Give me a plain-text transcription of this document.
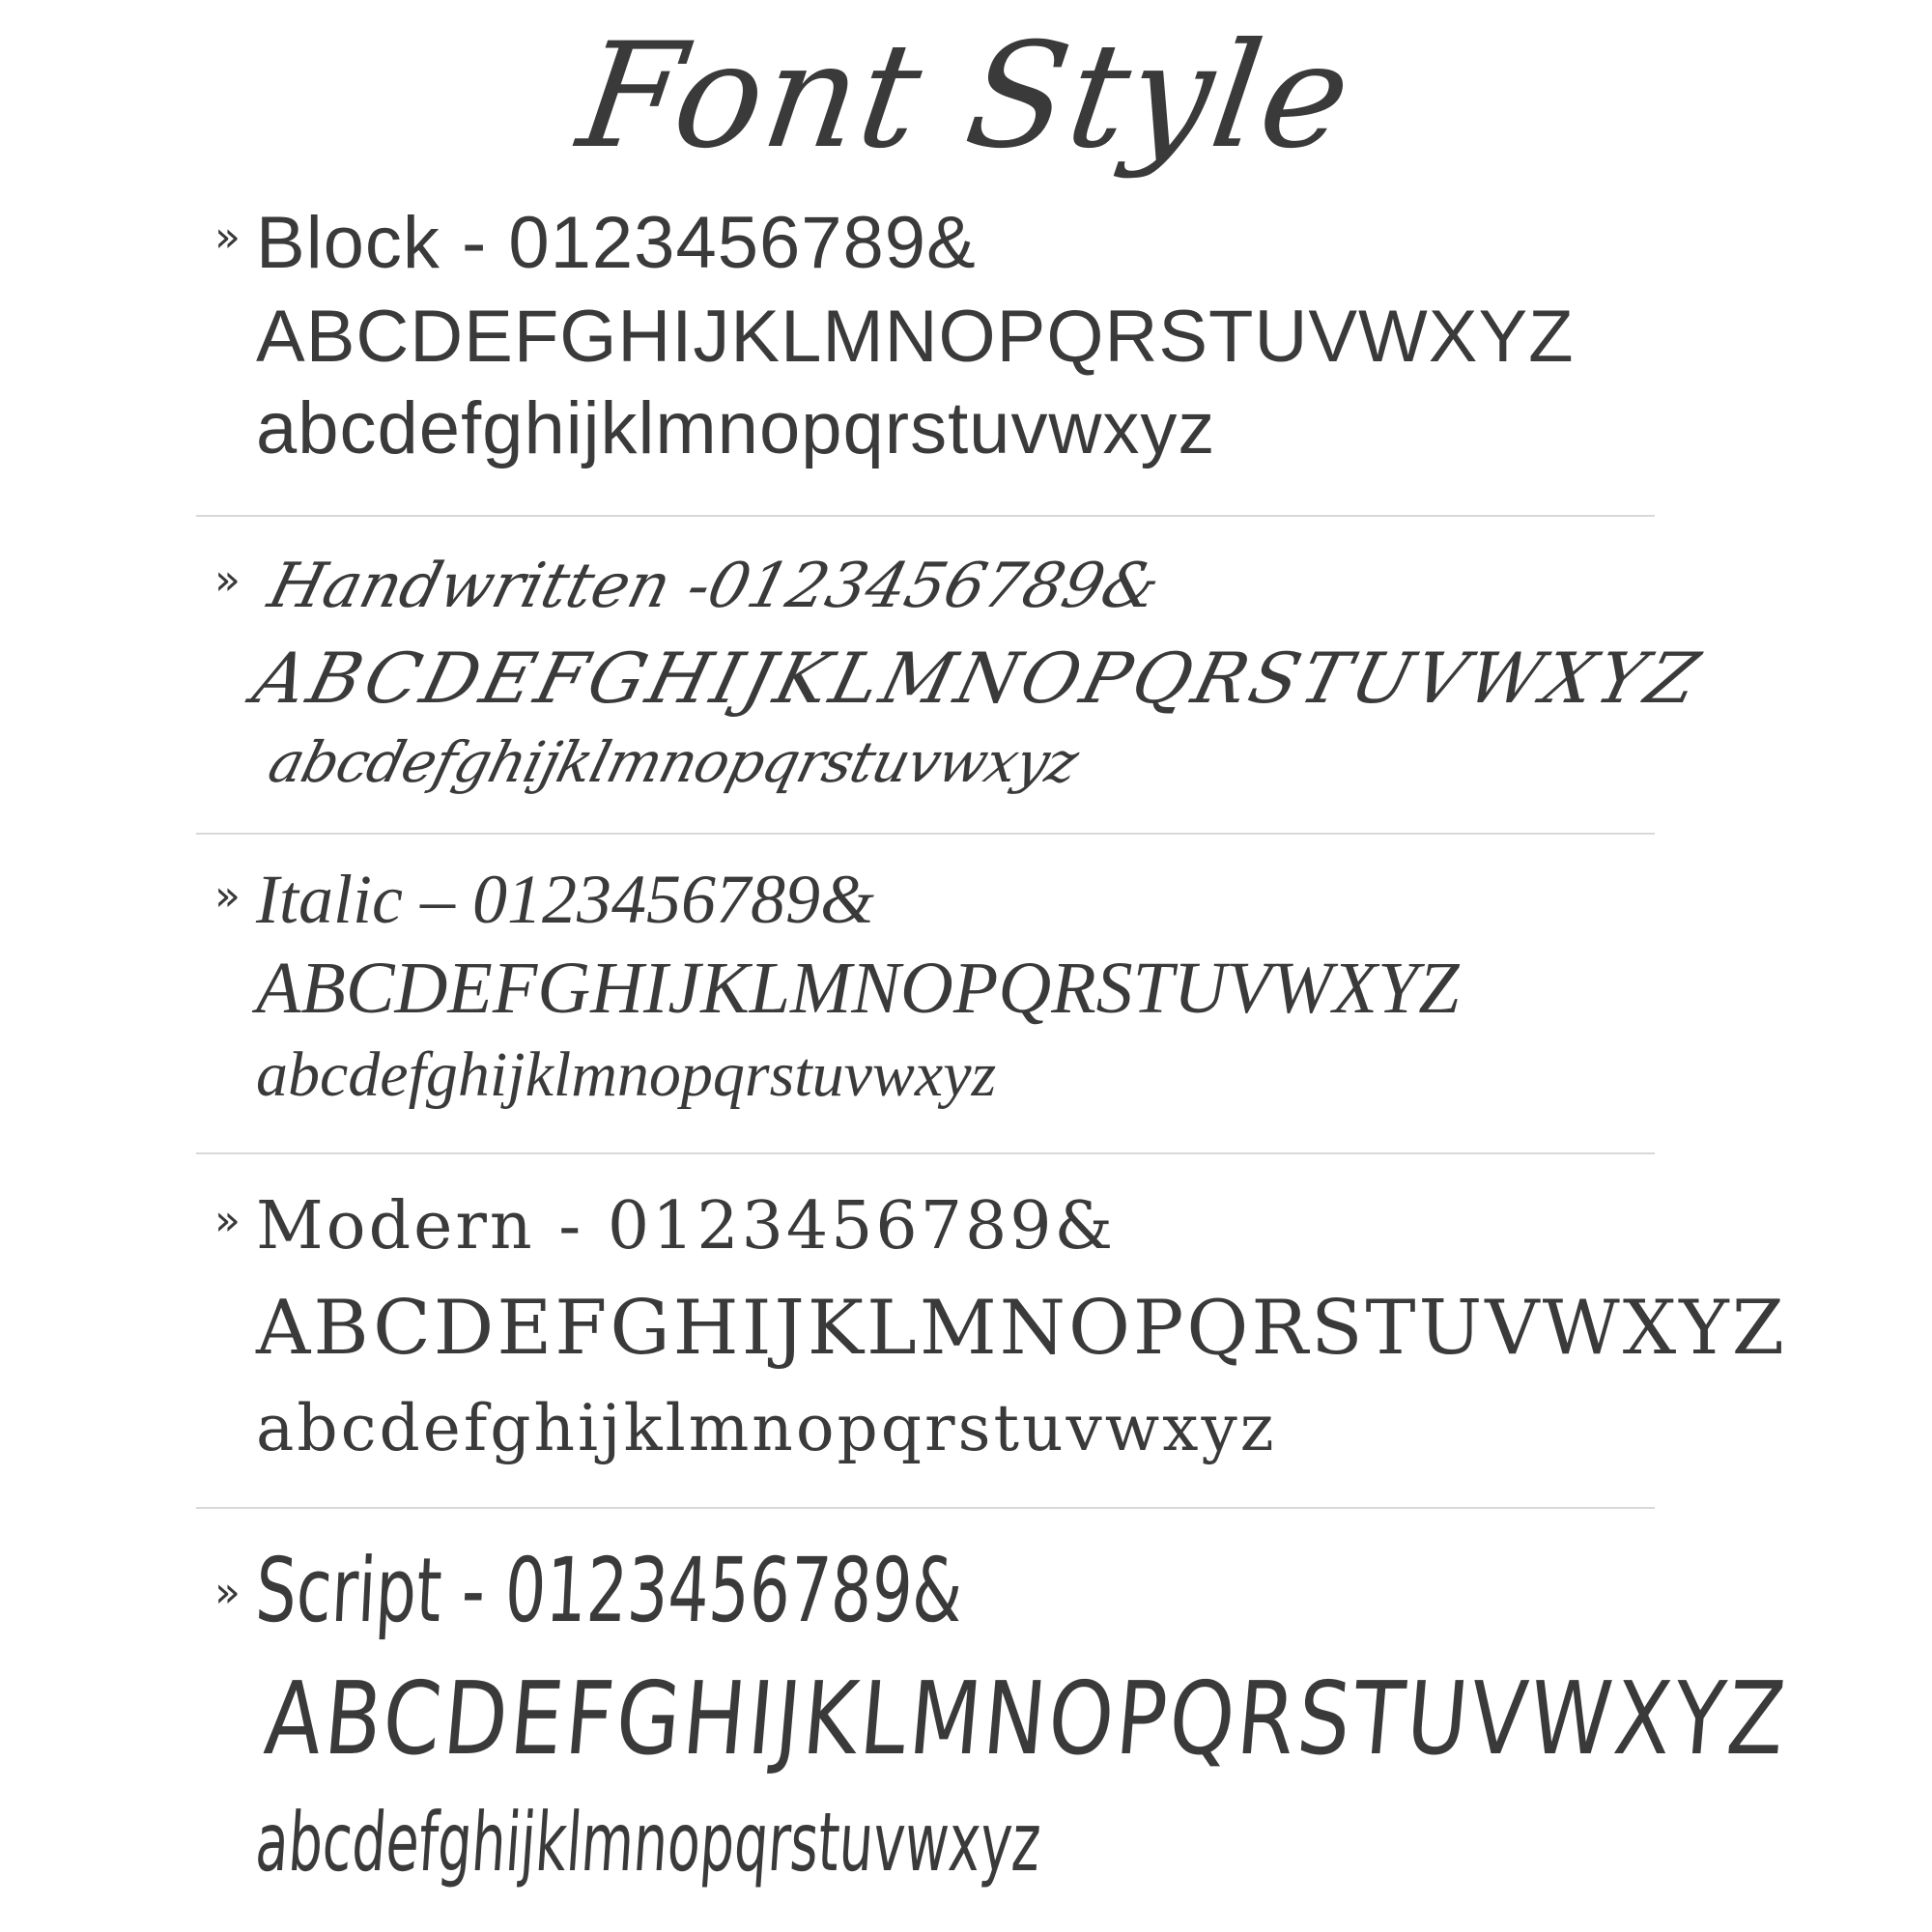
Font Style
» Block - 0123456789&
ABCDEFGHIJKLMNOPQRSTUVWXYZ
abcdefghijklmnopqrstuvwxyz
» Handwritten -0123456789&
ABCDEFGHIJKLMNOPQRSTUVWXYZ
abcdefghijklmnopqrstuvwxyz
» Italic – 0123456789&
ABCDEFGHIJKLMNOPQRSTUVWXYZ
abcdefghijklmnopqrstuvwxyz
» Modern - 0123456789&
ABCDEFGHIJKLMNOPQRSTUVWXYZ
abcdefghijklmnopqrstuvwxyz
» Script - 0123456789&
ABCDEFGHIJKLMNOPQRSTUVWXYZ
abcdefghijklmnopqrstuvwxyz
